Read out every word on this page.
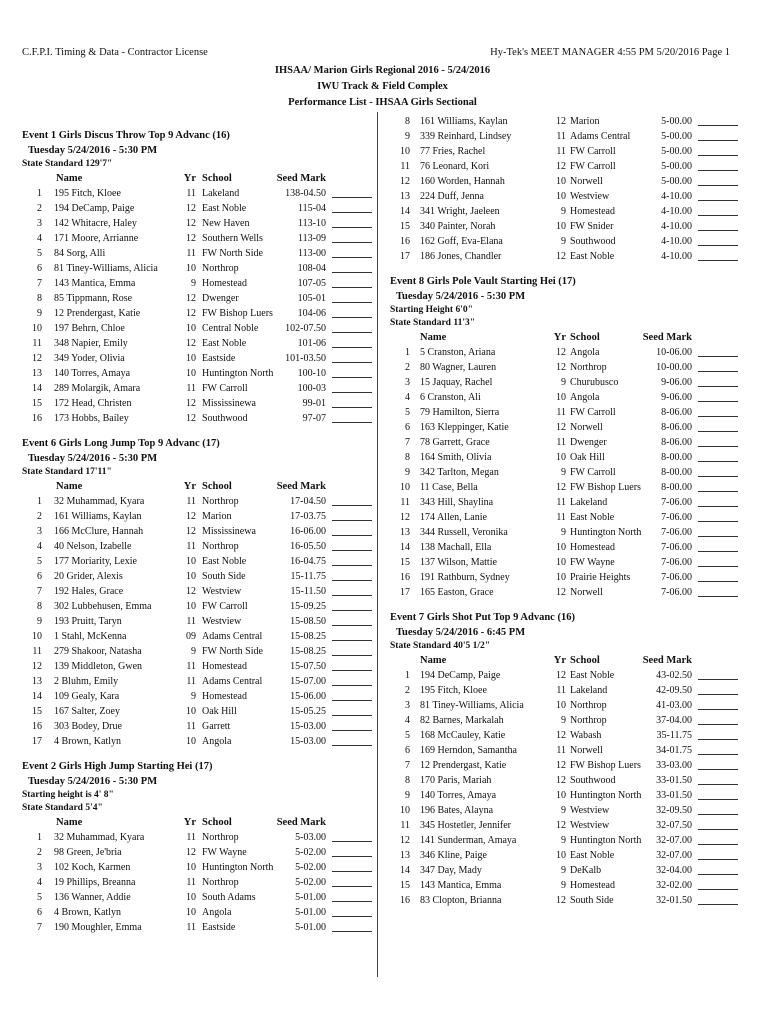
C.F.P.I. Timing & Data - Contractor License	Hy-Tek's MEET MANAGER 4:55 PM 5/20/2016 Page 1
IHSAA/ Marion Girls Regional 2016 - 5/24/2016
IWU Track & Field Complex
Performance List - IHSAA Girls Sectional
Event 1 Girls Discus Throw Top 9 Advanc (16)
Tuesday 5/24/2016 - 5:30 PM
State Standard 129'7"
Name	Yr School	Seed Mark
1 195 Fitch, Kloee	11 Lakeland	138-04.50
2 194 DeCamp, Paige	12 East Noble	115-04
3 142 Whitacre, Haley	12 New Haven	113-10
4 171 Moore, Arrianne	12 Southern Wells	113-09
5 84 Sorg, Alli	11 FW North Side	113-00
6 81 Tiney-Williams, Alicia	10 Northrop	108-04
7 143 Mantica, Emma	9 Homestead	107-05
8 85 Tippmann, Rose	12 Dwenger	105-01
9 12 Prendergast, Katie	12 FW Bishop Luers	104-06
10 197 Behrn, Chloe	10 Central Noble	102-07.50
11 348 Napier, Emily	12 East Noble	101-06
12 349 Yoder, Olivia	10 Eastside	101-03.50
13 140 Torres, Amaya	10 Huntington North	100-10
14 289 Molargik, Amara	11 FW Carroll	100-03
15 172 Head, Christen	12 Mississinewa	99-01
16 173 Hobbs, Bailey	12 Southwood	97-07
Event 6 Girls Long Jump Top 9 Advanc (17)
Tuesday 5/24/2016 - 5:30 PM
State Standard 17'11"
Name	Yr School	Seed Mark
1 32 Muhammad, Kyara	11 Northrop	17-04.50
2 161 Williams, Kaylan	12 Marion	17-03.75
3 166 McClure, Hannah	12 Mississinewa	16-06.00
4 40 Nelson, Izabelle	11 Northrop	16-05.50
5 177 Moriarity, Lexie	10 East Noble	16-04.75
6 20 Grider, Alexis	10 South Side	15-11.75
7 192 Hales, Grace	12 Westview	15-11.50
8 302 Lubbehusen, Emma	10 FW Carroll	15-09.25
9 193 Pruitt, Taryn	11 Westview	15-08.50
10 1 Stahl, McKenna	09 Adams Central	15-08.25
11 279 Shakoor, Natasha	9 FW North Side	15-08.25
12 139 Middleton, Gwen	11 Homestead	15-07.50
13 2 Bluhm, Emily	11 Adams Central	15-07.00
14 109 Gealy, Kara	9 Homestead	15-06.00
15 167 Salter, Zoey	10 Oak Hill	15-05.25
16 303 Bodey, Drue	11 Garrett	15-03.00
17 4 Brown, Katlyn	10 Angola	15-03.00
Event 2 Girls High Jump Starting Hei (17)
Tuesday 5/24/2016 - 5:30 PM
Starting height is 4' 8"
State Standard 5'4"
Name	Yr School	Seed Mark
1 32 Muhammad, Kyara	11 Northrop	5-03.00
2 98 Green, Je'bria	12 FW Wayne	5-02.00
3 102 Koch, Karmen	10 Huntington North	5-02.00
4 19 Phillips, Breanna	11 Northrop	5-02.00
5 136 Wanner, Addie	10 South Adams	5-01.00
6 4 Brown, Katlyn	10 Angola	5-01.00
7 190 Moughler, Emma	11 Eastside	5-01.00
8 161 Williams, Kaylan	12 Marion	5-00.00
9 339 Reinhard, Lindsey	11 Adams Central	5-00.00
10 77 Fries, Rachel	11 FW Carroll	5-00.00
11 76 Leonard, Kori	12 FW Carroll	5-00.00
12 160 Worden, Hannah	10 Norwell	5-00.00
13 224 Duff, Jenna	10 Westview	4-10.00
14 341 Wright, Jaeleen	9 Homestead	4-10.00
15 340 Painter, Norah	10 FW Snider	4-10.00
16 162 Goff, Eva-Elana	9 Southwood	4-10.00
17 186 Jones, Chandler	12 East Noble	4-10.00
Event 8 Girls Pole Vault Starting Hei (17)
Tuesday 5/24/2016 - 5:30 PM
Starting Height 6'0"
State Standard 11'3"
Name	Yr School	Seed Mark
1 5 Cranston, Ariana	12 Angola	10-06.00
2 80 Wagner, Lauren	12 Northrop	10-00.00
3 15 Jaquay, Rachel	9 Churubusco	9-06.00
4 6 Cranston, Ali	10 Angola	9-06.00
5 79 Hamilton, Sierra	11 FW Carroll	8-06.00
6 163 Kleppinger, Katie	12 Norwell	8-06.00
7 78 Garrett, Grace	11 Dwenger	8-06.00
8 164 Smith, Olivia	10 Oak Hill	8-00.00
9 342 Tarlton, Megan	9 FW Carroll	8-00.00
10 11 Case, Bella	12 FW Bishop Luers	8-00.00
11 343 Hill, Shaylina	11 Lakeland	7-06.00
12 174 Allen, Lanie	11 East Noble	7-06.00
13 344 Russell, Veronika	9 Huntington North	7-06.00
14 138 Machall, Ella	10 Homestead	7-06.00
15 137 Wilson, Mattie	10 FW Wayne	7-06.00
16 191 Rathburn, Sydney	10 Prairie Heights	7-06.00
17 165 Easton, Grace	12 Norwell	7-06.00
Event 7 Girls Shot Put Top 9 Advanc (16)
Tuesday 5/24/2016 - 6:45 PM
State Standard 40'5 1/2"
Name	Yr School	Seed Mark
1 194 DeCamp, Paige	12 East Noble	43-02.50
2 195 Fitch, Kloee	11 Lakeland	42-09.50
3 81 Tiney-Williams, Alicia	10 Northrop	41-03.00
4 82 Barnes, Markalah	9 Northrop	37-04.00
5 168 McCauley, Katie	12 Wabash	35-11.75
6 169 Herndon, Samantha	11 Norwell	34-01.75
7 12 Prendergast, Katie	12 FW Bishop Luers	33-03.00
8 170 Paris, Mariah	12 Southwood	33-01.50
9 140 Torres, Amaya	10 Huntington North	33-01.50
10 196 Bates, Alayna	9 Westview	32-09.50
11 345 Hostetler, Jennifer	12 Westview	32-07.50
12 141 Sunderman, Amaya	9 Huntington North	32-07.00
13 346 Kline, Paige	10 East Noble	32-07.00
14 347 Day, Mady	9 DeKalb	32-04.00
15 143 Mantica, Emma	9 Homestead	32-02.00
16 83 Clopton, Brianna	12 South Side	32-01.50
